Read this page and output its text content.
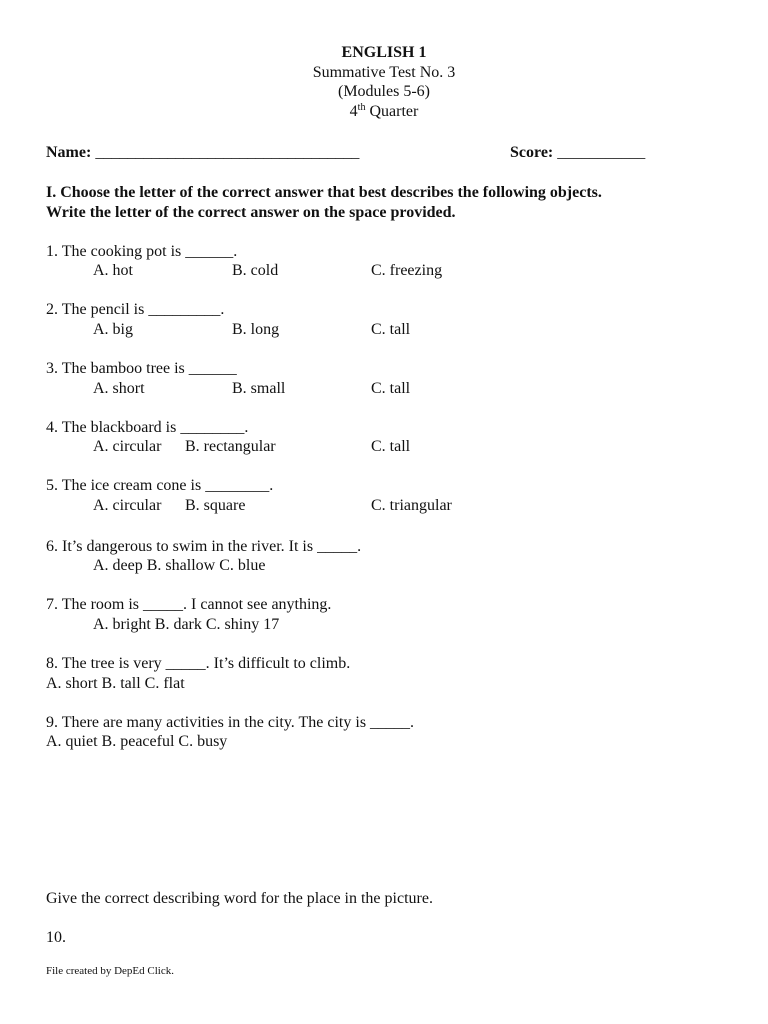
ENGLISH 1
Summative Test No. 3
(Modules 5-6)
4th Quarter
Name: _________________________________	Score: ___________
I. Choose the letter of the correct answer that best describes the following objects.
Write the letter of the correct answer on the space provided.
1. The cooking pot is ______.
A. hot	B. cold	C. freezing
2. The pencil is _________.
A. big	B. long	C. tall
3. The bamboo tree is ______
A. short	B. small	C. tall
4. The blackboard is ________.
A. circular B. rectangular	C. tall
5. The ice cream cone is ________.
A. circular B. square	C. triangular
6. It’s dangerous to swim in the river. It is _____.
A. deep B. shallow C. blue
7. The room is _____. I cannot see anything.
A. bright B. dark C. shiny 17
8. The tree is very _____. It’s difficult to climb.
A. short B. tall C. flat
9. There are many activities in the city. The city is _____.
A. quiet B. peaceful C. busy
Give the correct describing word for the place in the picture.
10.
File created by DepEd Click.
